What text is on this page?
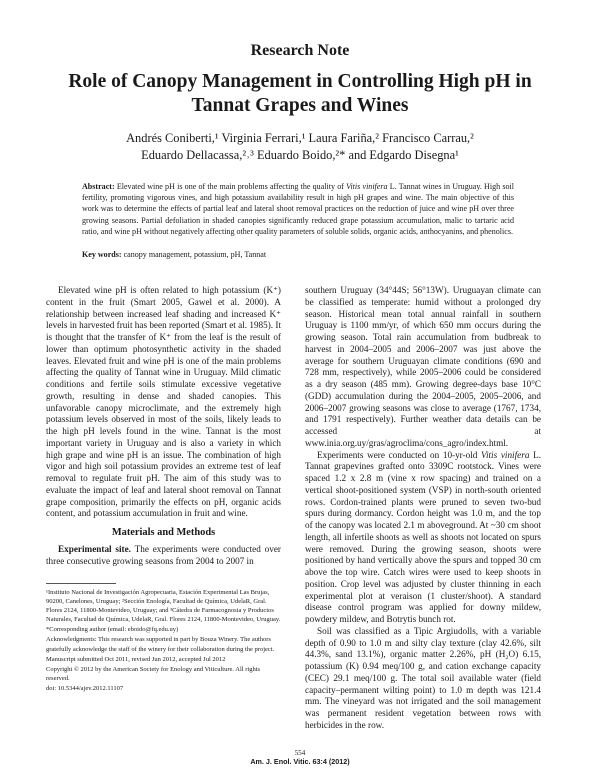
Research Note
Role of Canopy Management in Controlling High pH in Tannat Grapes and Wines
Andrés Coniberti,¹ Virginia Ferrari,¹ Laura Fariña,² Francisco Carrau,²
Eduardo Dellacassa,²˒³ Eduardo Boido,²* and Edgardo Disegna¹
Abstract: Elevated wine pH is one of the main problems affecting the quality of Vitis vinifera L. Tannat wines in Uruguay. High soil fertility, promoting vigorous vines, and high potassium availability result in high pH grapes and wine. The main objective of this work was to determine the effects of partial leaf and lateral shoot removal practices on the reduction of juice and wine pH over three growing seasons. Partial defoliation in shaded canopies significantly reduced grape potassium accumulation, malic to tartaric acid ratio, and wine pH without negatively affecting other quality parameters of soluble solids, organic acids, anthocyanins, and phenolics.
Key words: canopy management, potassium, pH, Tannat

Elevated wine pH is often related to high potassium (K⁺) content in the fruit (Smart 2005, Gawel et al. 2000). A relationship between increased leaf shading and increased K⁺ levels in harvested fruit has been reported (Smart et al. 1985). It is thought that the transfer of K⁺ from the leaf is the result of lower than optimum photosynthetic activity in the shaded leaves. Elevated fruit and wine pH is one of the main problems affecting the quality of Tannat wine in Uruguay. Mild climatic conditions and fertile soils stimulate excessive vegetative growth, resulting in dense and shaded canopies. This unfavorable canopy microclimate, and the extremely high potassium levels observed in most of the soils, likely leads to the high pH levels found in the wine. Tannat is the most important variety in Uruguay and is also a variety in which high grape and wine pH is an issue. The combination of high vigor and high soil potassium provides an extreme test of leaf removal to regulate fruit pH. The aim of this study was to evaluate the impact of leaf and lateral shoot removal on Tannat grape composition, primarily the effects on pH, organic acids content, and potassium accumulation in fruit and wine.

Materials and Methods

Experimental site. The experiments were conducted over three consecutive growing seasons from 2004 to 2007 in

¹Instituto Nacional de Investigación Agropecuaria, Estación Experimental Las Brujas, 90200, Canelones, Uruguay; ²Sección Enología, Facultad de Química, UdelaR, Gral. Flores 2124, 11800-Montevideo, Uruguay; and ³Cátedra de Farmacognosia y Productos Naturales, Facultad de Química, UdelaR, Gral. Flores 2124, 11800-Montevideo, Uruguay.

*Corresponding author (email: eboido@fq.edu.uy)

Acknowledgments: This research was supported in part by Bouza Winery. The authors gratefully acknowledge the staff of the winery for their collaboration during the project.

Manuscript submitted Oct 2011, revised Jun 2012, accepted Jul 2012

Copyright © 2012 by the American Society for Enology and Viticulture. All rights reserved.

doi: 10.5344/ajev.2012.11107

southern Uruguay (34°44S; 56°13W). Uruguayan climate can be classified as temperate: humid without a prolonged dry season. Historical mean total annual rainfall in southern Uruguay is 1100 mm/yr, of which 650 mm occurs during the growing season. Total rain accumulation from budbreak to harvest in 2004–2005 and 2006–2007 was just above the average for southern Uruguayan climate conditions (690 and 728 mm, respectively), while 2005–2006 could be considered as a dry season (485 mm). Growing degree-days base 10°C (GDD) accumulation during the 2004–2005, 2005–2006, and 2006–2007 growing seasons was close to average (1767, 1734, and 1791 respectively). Further weather data details can be accessed at www.inia.org.uy/gras/agroclima/cons_agro/index.html.

Experiments were conducted on 10-yr-old Vitis vinifera L. Tannat grapevines grafted onto 3309C rootstock. Vines were spaced 1.2 x 2.8 m (vine x row spacing) and trained on a vertical shoot-positioned system (VSP) in north-south oriented rows. Cordon-trained plants were pruned to seven two-bud spurs during dormancy. Cordon height was 1.0 m, and the top of the canopy was located 2.1 m aboveground. At ~30 cm shoot length, all infertile shoots as well as shoots not located on spurs were removed. During the growing season, shoots were positioned by hand vertically above the spurs and topped 30 cm above the top wire. Catch wires were used to keep shoots in position. Crop level was adjusted by cluster thinning in each experimental plot at veraison (1 cluster/shoot). A standard disease control program was applied for downy mildew, powdery mildew, and Botrytis bunch rot.

Soil was classified as a Tipic Argiudolls, with a variable depth of 0.90 to 1.0 m and silty clay texture (clay 42.6%, silt 44.3%, sand 13.1%), organic matter 2.26%, pH (H₂O) 6.15, potassium (K) 0.94 meq/100 g, and cation exchange capacity (CEC) 29.1 meq/100 g. The total soil available water (field capacity–permanent wilting point) to 1.0 m depth was 121.4 mm. The vineyard was not irrigated and the soil management was permanent resident vegetation between rows with herbicides in the row.

554
Am. J. Enol. Vitic. 63:4 (2012)
